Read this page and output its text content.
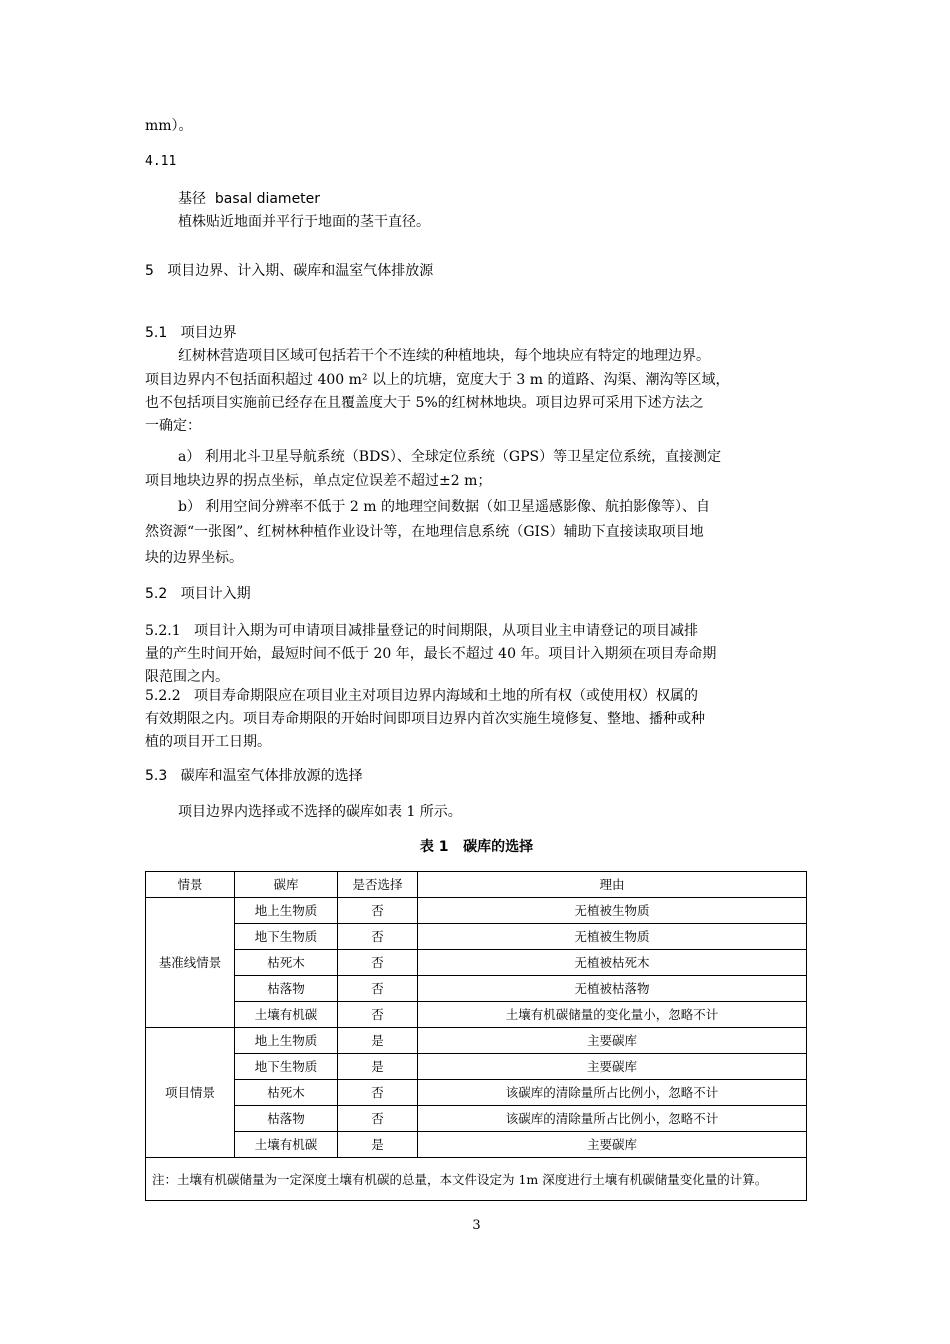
mm）。
4.11
基径  basal diameter
植株贴近地面并平行于地面的茎干直径。
5   项目边界、计入期、碳库和温室气体排放源
5.1   项目边界
红树林营造项目区域可包括若干个不连续的种植地块，每个地块应有特定的地理边界。
项目边界内不包括面积超过 400 m² 以上的坑塘，宽度大于 3 m 的道路、沟渠、潮沟等区域，
也不包括项目实施前已经存在且覆盖度大于 5%的红树林地块。项目边界可采用下述方法之
一确定：
a） 利用北斗卫星导航系统（BDS）、全球定位系统（GPS）等卫星定位系统，直接测定
项目地块边界的拐点坐标，单点定位误差不超过±2 m；
b） 利用空间分辨率不低于 2 m 的地理空间数据（如卫星遥感影像、航拍影像等）、自
然资源“一张图”、红树林种植作业设计等，在地理信息系统（GIS）辅助下直接读取项目地
块的边界坐标。
5.2   项目计入期
5.2.1   项目计入期为可申请项目减排量登记的时间期限，从项目业主申请登记的项目减排
量的产生时间开始，最短时间不低于 20 年，最长不超过 40 年。项目计入期须在项目寿命期
限范围之内。
5.2.2   项目寿命期限应在项目业主对项目边界内海域和土地的所有权（或使用权）权属的
有效期限之内。项目寿命期限的开始时间即项目边界内首次实施生境修复、整地、播种或种
植的项目开工日期。
5.3   碳库和温室气体排放源的选择
项目边界内选择或不选择的碳库如表 1 所示。
表 1   碳库的选择
情景	碳库	是否选择	理由
基准线情景	地上生物质	否	无植被生物质
	地下生物质	否	无植被生物质
	枯死木	否	无植被枯死木
	枯落物	否	无植被枯落物
	土壤有机碳	否	土壤有机碳储量的变化量小，忽略不计
项目情景	地上生物质	是	主要碳库
	地下生物质	是	主要碳库
	枯死木	否	该碳库的清除量所占比例小，忽略不计
	枯落物	否	该碳库的清除量所占比例小，忽略不计
	土壤有机碳	是	主要碳库
注：土壤有机碳储量为一定深度土壤有机碳的总量，本文件设定为 1m 深度进行土壤有机碳储量变化量的计算。			
3
